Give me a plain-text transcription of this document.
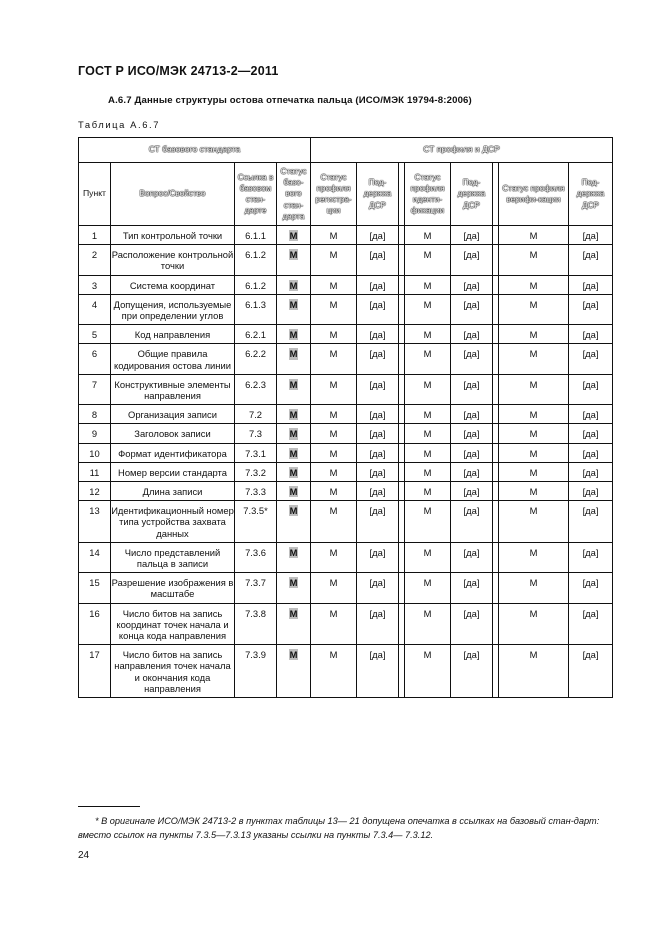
ГОСТ Р ИСО/МЭК 24713-2—2011
А.6.7 Данные структуры остова отпечатка пальца (ИСО/МЭК 19794-8:2006)
Таблица А.6.7
СТ базового стандарта				СТ профиля и ДСР							
Пункт	Вопрос/Свойство	Ссылка в базовом стан-дарте	Статус базо-вого стан-дарта	Статус профиля регистра-ции	Под-держка ДСР		Статус профиля иденти-фикации	Под-держка ДСР		Статус профиля верифи-кации	Под-держка ДСР
1	Тип контрольной точки	6.1.1	M	M	[да]		M	[да]		M	[да]
2	Расположение контрольной точки	6.1.2	M	M	[да]		M	[да]		M	[да]
3	Система координат	6.1.2	M	M	[да]		M	[да]		M	[да]
4	Допущения, используемые при определении углов	6.1.3	M	M	[да]		M	[да]		M	[да]
5	Код направления	6.2.1	M	M	[да]		M	[да]		M	[да]
6	Общие правила кодирования остова линии	6.2.2	M	M	[да]		M	[да]		M	[да]
7	Конструктивные элементы направления	6.2.3	M	M	[да]		M	[да]		M	[да]
8	Организация записи	7.2	M	M	[да]		M	[да]		M	[да]
9	Заголовок записи	7.3	M	M	[да]		M	[да]		M	[да]
10	Формат идентификатора	7.3.1	M	M	[да]		M	[да]		M	[да]
11	Номер версии стандарта	7.3.2	M	M	[да]		M	[да]		M	[да]
12	Длина записи	7.3.3	M	M	[да]		M	[да]		M	[да]
13	Идентификационный номер типа устройства захвата данных	7.3.5*	M	M	[да]		M	[да]		M	[да]
14	Число представлений пальца в записи	7.3.6	M	M	[да]		M	[да]		M	[да]
15	Разрешение изображения в масштабе	7.3.7	M	M	[да]		M	[да]		M	[да]
16	Число битов на запись координат точек начала и конца кода направления	7.3.8	M	M	[да]		M	[да]		M	[да]
17	Число битов на запись направления точек начала и окончания кода направления	7.3.9	M	M	[да]		M	[да]		M	[да]
* В оригинале ИСО/МЭК 24713-2 в пунктах таблицы 13— 21 допущена опечатка в ссылках на базовый стан-дарт: вместо ссылок на пункты 7.3.5—7.3.13 указаны ссылки на пункты 7.3.4— 7.3.12.
24
